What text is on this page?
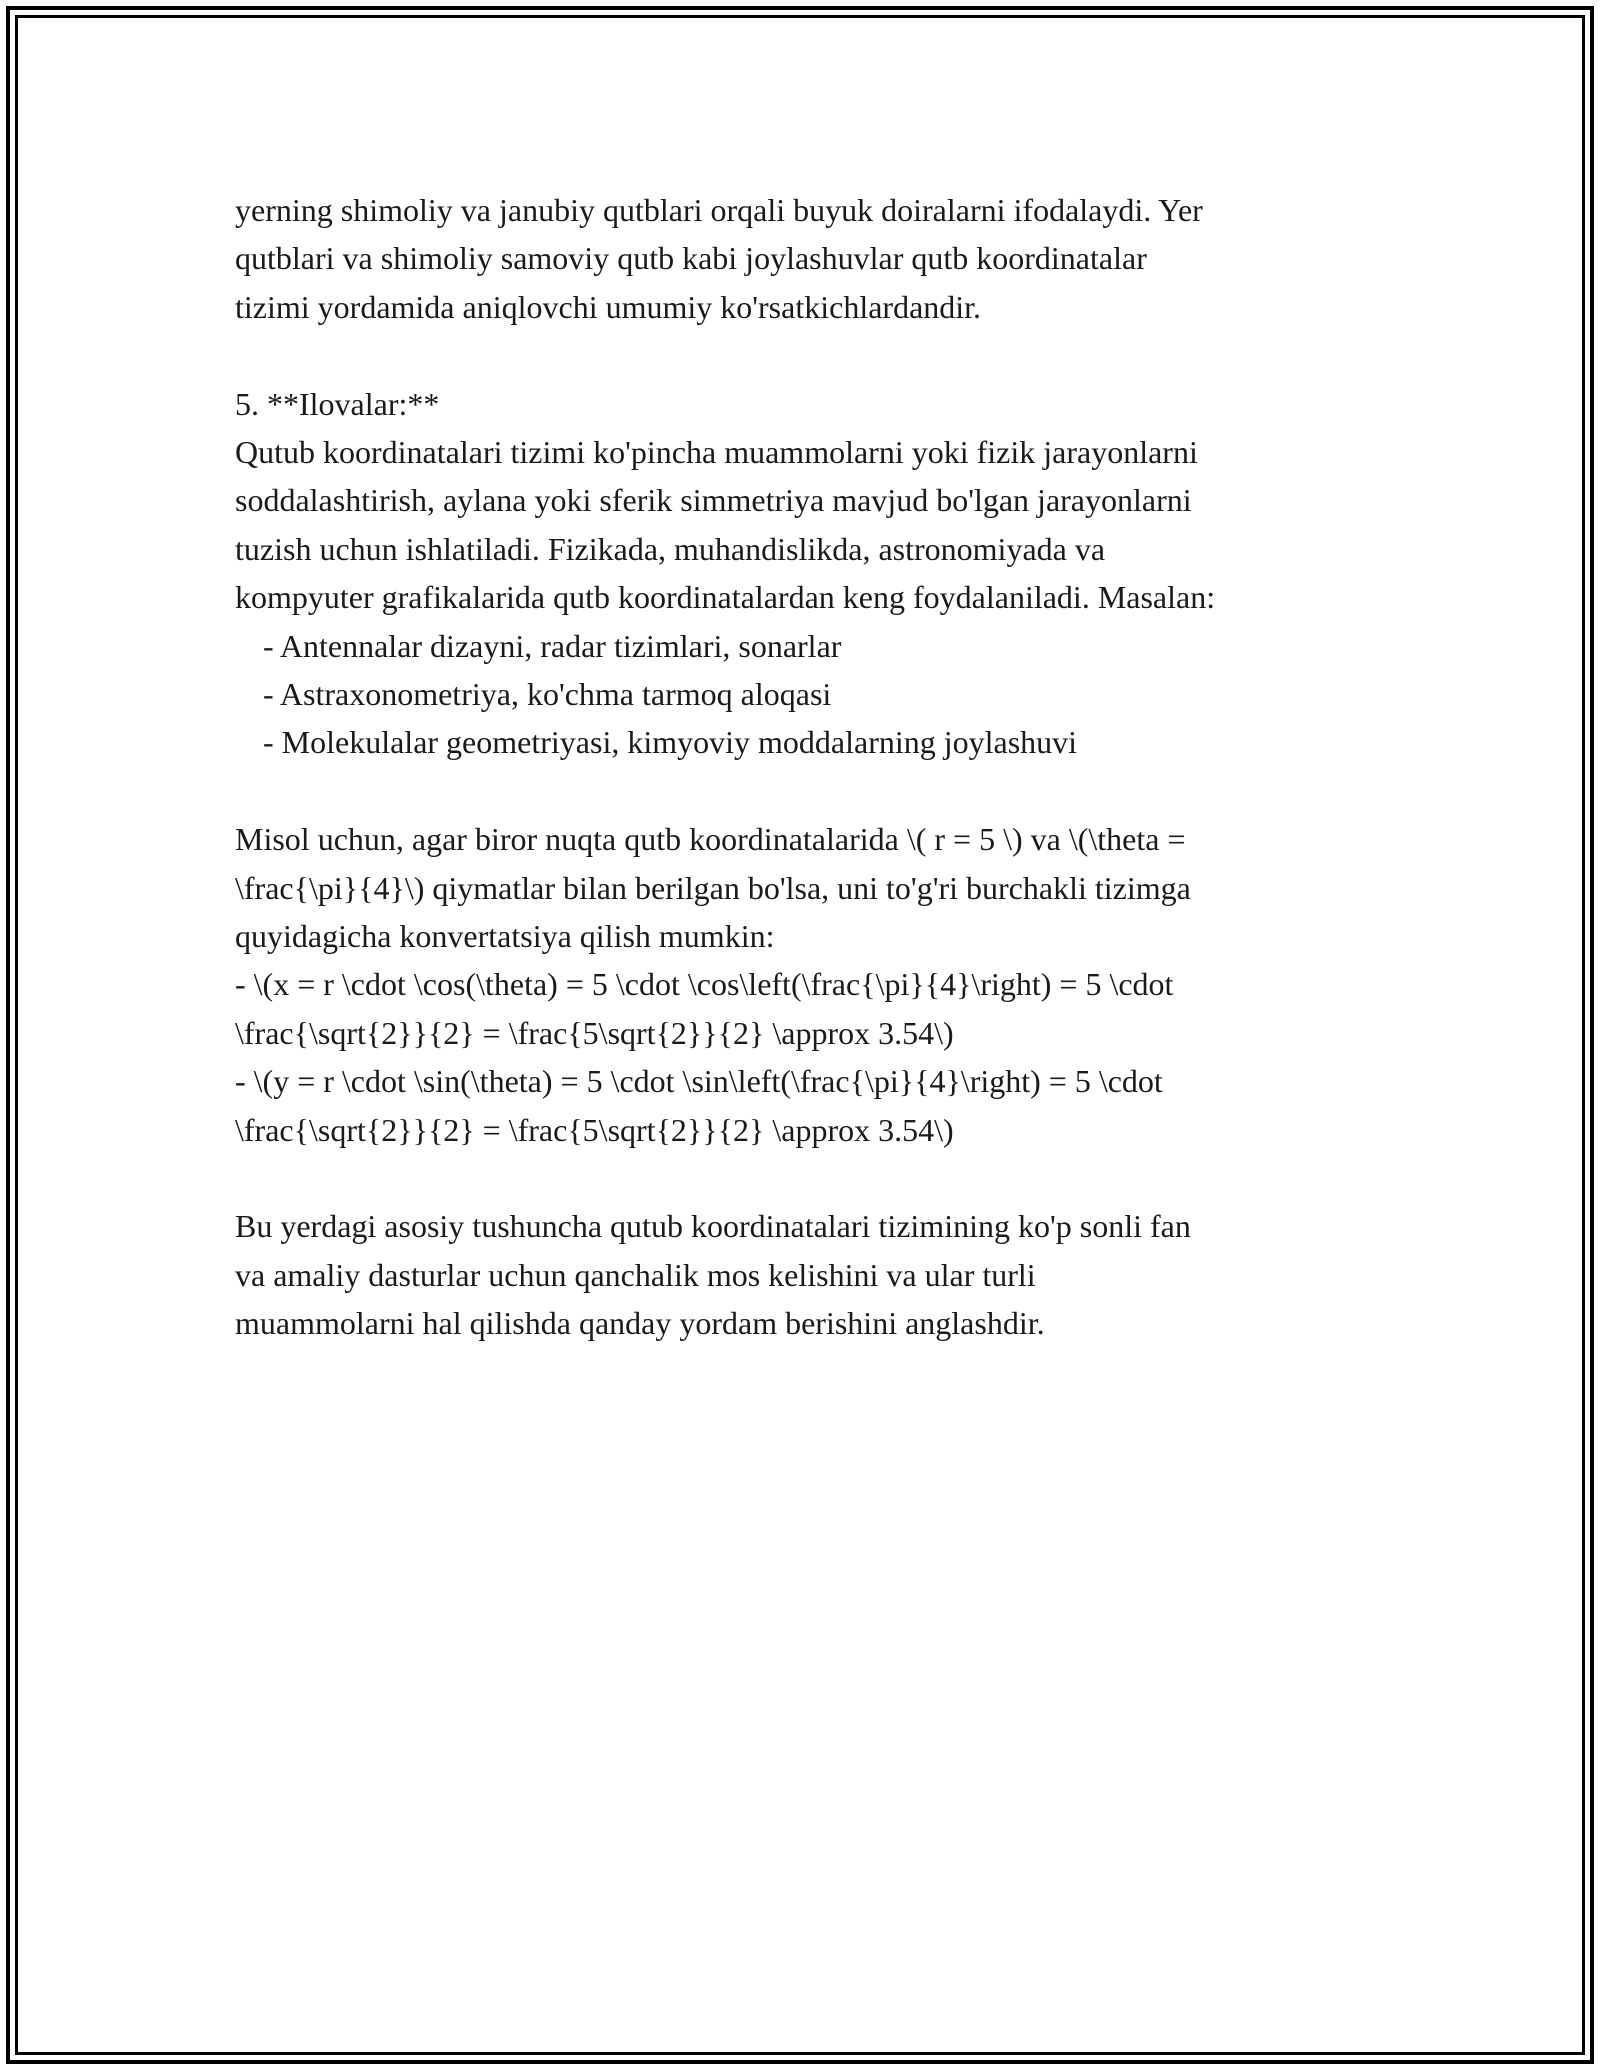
yerning shimoliy va janubiy qutblari orqali buyuk doiralarni ifodalaydi. Yer
qutblari va shimoliy samoviy qutb kabi joylashuvlar qutb koordinatalar
tizimi yordamida aniqlovchi umumiy ko'rsatkichlardandir.

5. **Ilovalar:**
Qutub koordinatalari tizimi ko'pincha muammolarni yoki fizik jarayonlarni
soddalashtirish, aylana yoki sferik simmetriya mavjud bo'lgan jarayonlarni
tuzish uchun ishlatiladi. Fizikada, muhandislikda, astronomiyada va
kompyuter grafikalarida qutb koordinatalardan keng foydalaniladi. Masalan:
- Antennalar dizayni, radar tizimlari, sonarlar
- Astraxonometriya, ko'chma tarmoq aloqasi
- Molekulalar geometriyasi, kimyoviy moddalarning joylashuvi

Misol uchun, agar biror nuqta qutb koordinatalarida \( r = 5 \) va \(\theta =
\frac{\pi}{4}\) qiymatlar bilan berilgan bo'lsa, uni to'g'ri burchakli tizimga
quyidagicha konvertatsiya qilish mumkin:
- \(x = r \cdot \cos(\theta) = 5 \cdot \cos\left(\frac{\pi}{4}\right) = 5 \cdot
\frac{\sqrt{2}}{2} = \frac{5\sqrt{2}}{2} \approx 3.54\)
- \(y = r \cdot \sin(\theta) = 5 \cdot \sin\left(\frac{\pi}{4}\right) = 5 \cdot
\frac{\sqrt{2}}{2} = \frac{5\sqrt{2}}{2} \approx 3.54\)

Bu yerdagi asosiy tushuncha qutub koordinatalari tizimining ko'p sonli fan
va amaliy dasturlar uchun qanchalik mos kelishini va ular turli
muammolarni hal qilishda qanday yordam berishini anglashdir.
